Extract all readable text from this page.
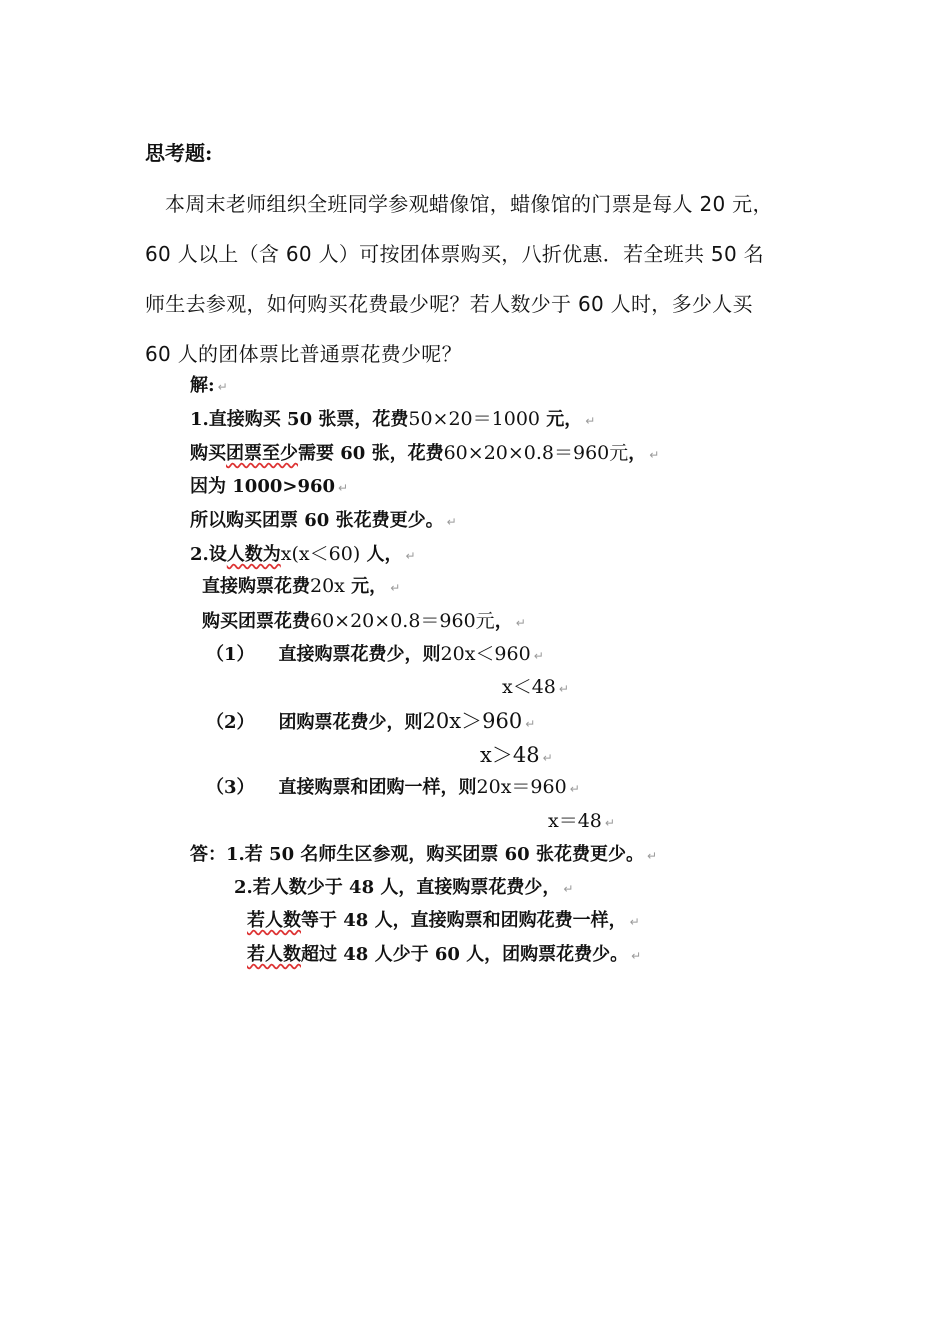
思考题:
本周末老师组织全班同学参观蜡像馆，蜡像馆的门票是每人 20 元，
60 人以上（含 60 人）可按团体票购买，八折优惠．若全班共 50 名
师生去参观，如何购买花费最少呢？若人数少于 60 人时，多少人买
60 人的团体票比普通票花费少呢？
解: ↵
1.直接购买 50 张票，花费50×20＝1000 元， ↵
购买团票至少需要 60 张，花费60×20×0.8＝960元， ↵
因为 1000>960 ↵
所以购买团票 60 张花费更少。 ↵
2.设人数为x(x＜60) 人， ↵
直接购票花费20x 元， ↵
购买团票花费60×20×0.8＝960元， ↵
（1） 直接购票花费少，则20x＜960 ↵
x＜48 ↵
（2） 团购票花费少，则20x＞960 ↵
x＞48 ↵
（3） 直接购票和团购一样，则20x＝960 ↵
x＝48 ↵
答：1.若 50 名师生区参观，购买团票 60 张花费更少。 ↵
2.若人数少于 48 人，直接购票花费少， ↵
若人数等于 48 人，直接购票和团购花费一样， ↵
若人数超过 48 人少于 60 人，团购票花费少。 ↵
